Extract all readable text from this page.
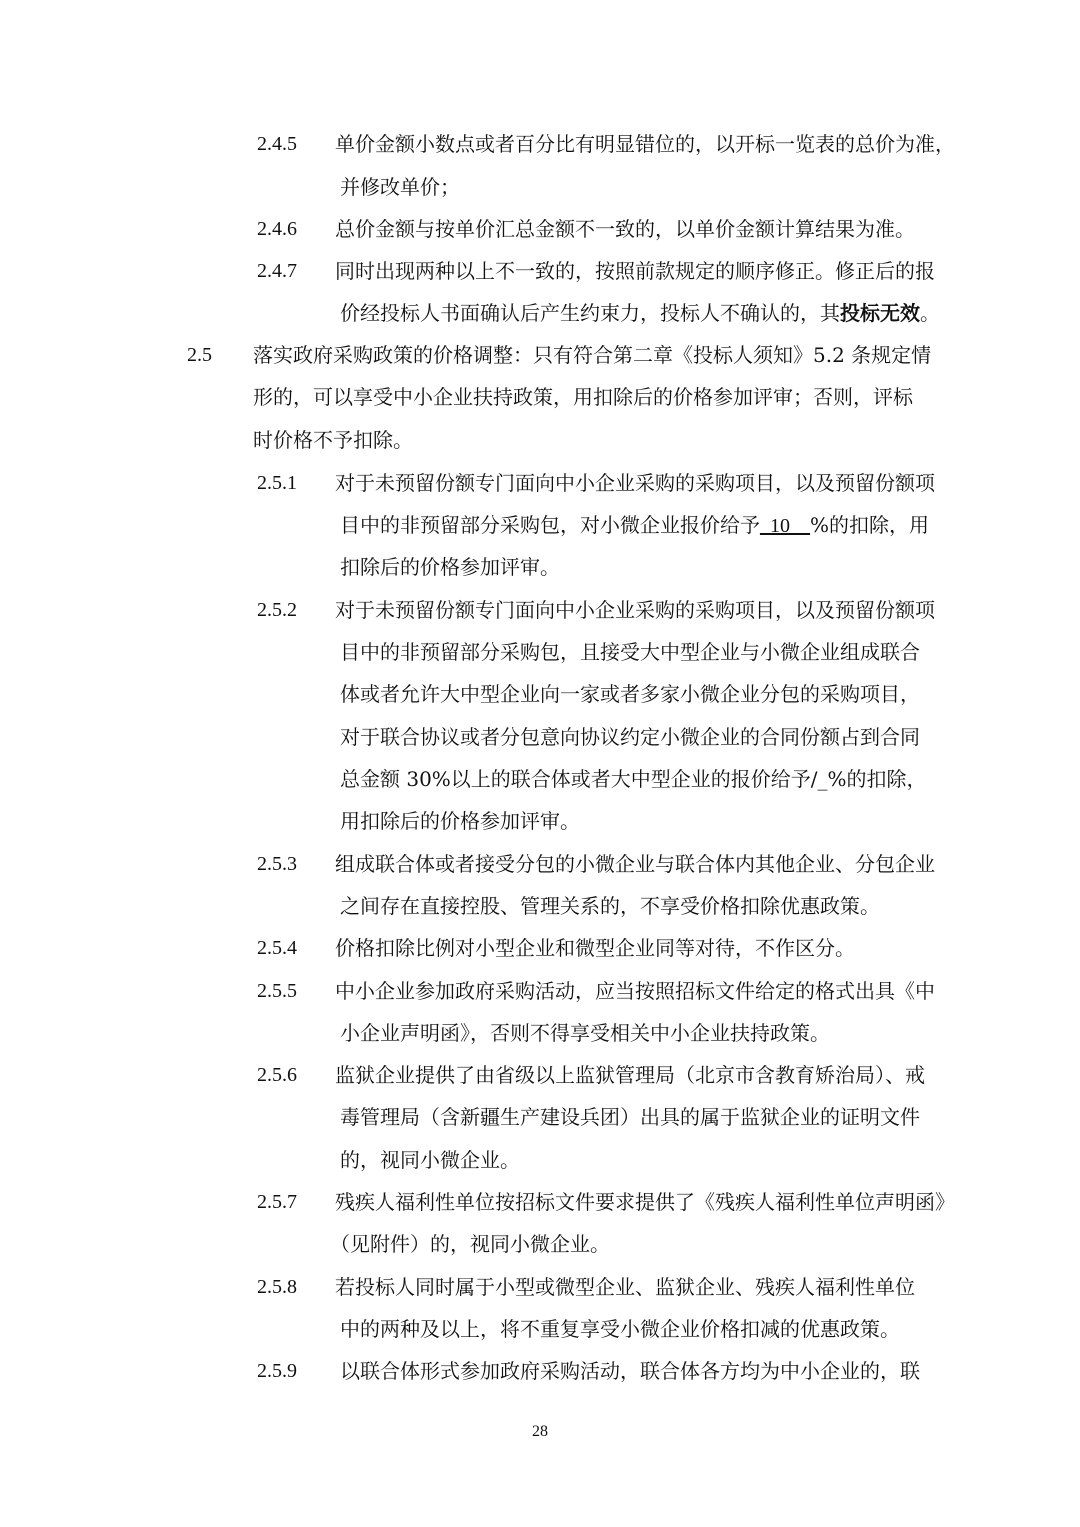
2.4.5 单价金额小数点或者百分比有明显错位的，以开标一览表的总价为准，
并修改单价；
2.4.6 总价金额与按单价汇总金额不一致的，以单价金额计算结果为准。
2.4.7 同时出现两种以上不一致的，按照前款规定的顺序修正。修正后的报
价经投标人书面确认后产生约束力，投标人不确认的，其投标无效。
2.5 落实政府采购政策的价格调整：只有符合第二章《投标人须知》5.2 条规定情
形的，可以享受中小企业扶持政策，用扣除后的价格参加评审；否则，评标
时价格不予扣除。
2.5.1 对于未预留份额专门面向中小企业采购的采购项目，以及预留份额项
目中的非预留部分采购包，对小微企业报价给予_10__%的扣除，用
扣除后的价格参加评审。
2.5.2 对于未预留份额专门面向中小企业采购的采购项目，以及预留份额项
目中的非预留部分采购包，且接受大中型企业与小微企业组成联合
体或者允许大中型企业向一家或者多家小微企业分包的采购项目，
对于联合协议或者分包意向协议约定小微企业的合同份额占到合同
总金额 30%以上的联合体或者大中型企业的报价给予/_%的扣除，
用扣除后的价格参加评审。
2.5.3 组成联合体或者接受分包的小微企业与联合体内其他企业、分包企业
之间存在直接控股、管理关系的，不享受价格扣除优惠政策。
2.5.4 价格扣除比例对小型企业和微型企业同等对待，不作区分。
2.5.5 中小企业参加政府采购活动，应当按照招标文件给定的格式出具《中
小企业声明函》，否则不得享受相关中小企业扶持政策。
2.5.6 监狱企业提供了由省级以上监狱管理局（北京市含教育矫治局）、戒
毒管理局（含新疆生产建设兵团）出具的属于监狱企业的证明文件
的，视同小微企业。
2.5.7 残疾人福利性单位按招标文件要求提供了《残疾人福利性单位声明函》
（见附件）的，视同小微企业。
2.5.8 若投标人同时属于小型或微型企业、监狱企业、残疾人福利性单位
中的两种及以上，将不重复享受小微企业价格扣减的优惠政策。
2.5.9 以联合体形式参加政府采购活动，联合体各方均为中小企业的，联
28
